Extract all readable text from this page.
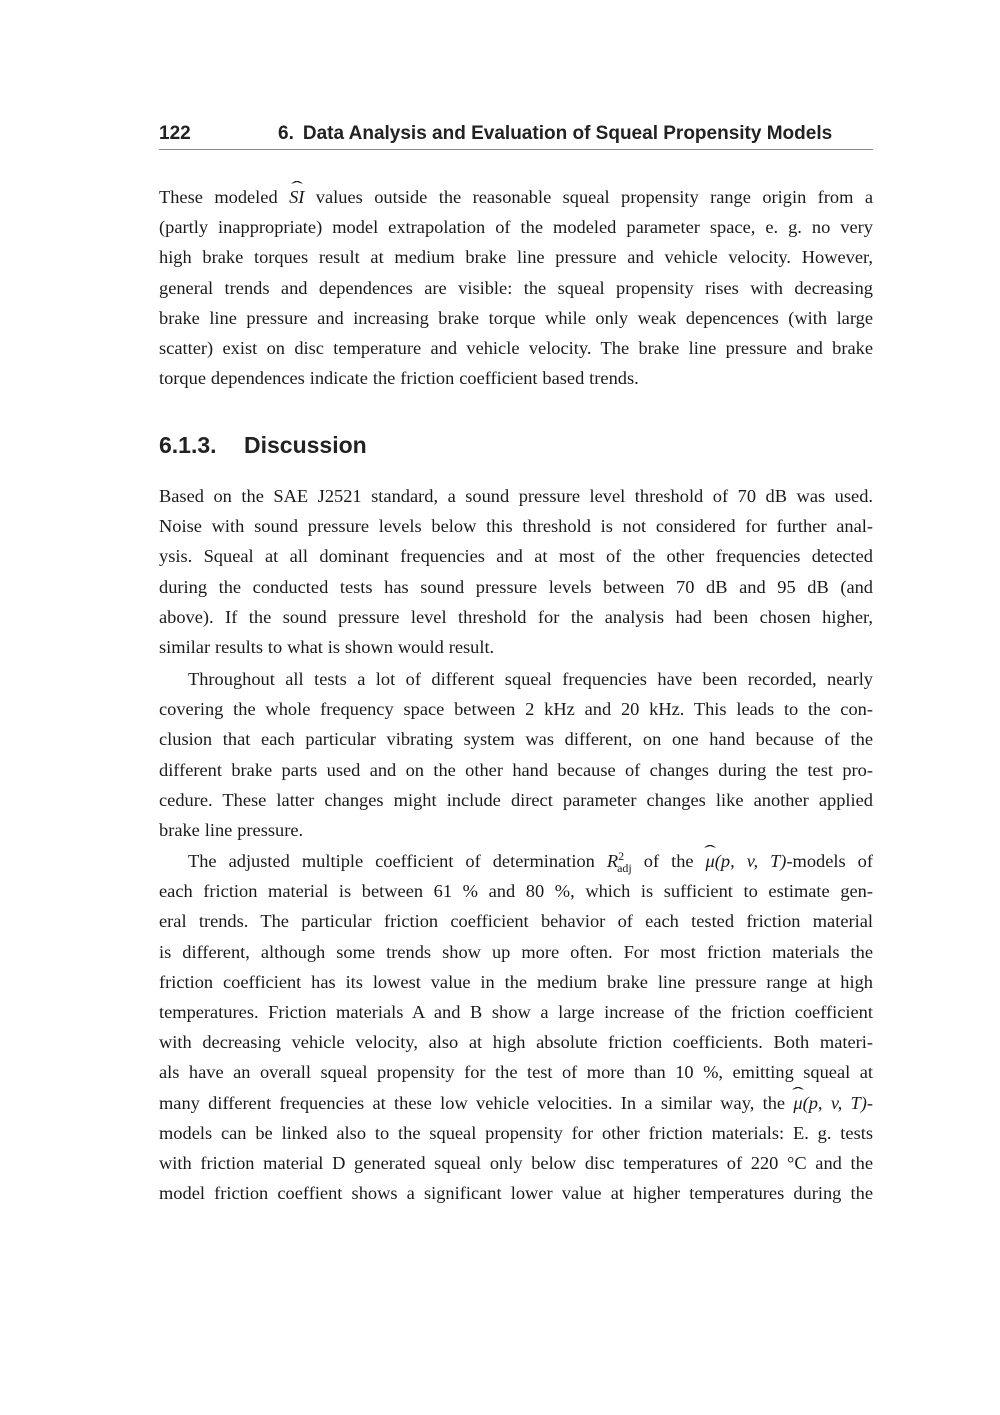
122	6. Data Analysis and Evaluation of Squeal Propensity Models
These modeled ˆ SI values outside the reasonable squeal propensity range origin from a
(partly inappropriate) model extrapolation of the modeled parameter space, e. g. no very
high brake torques result at medium brake line pressure and vehicle velocity. However,
general trends and dependences are visible: the squeal propensity rises with decreasing
brake line pressure and increasing brake torque while only weak depencences (with large
scatter) exist on disc temperature and vehicle velocity. The brake line pressure and brake
torque dependences indicate the friction coefficient based trends.
6.1.3. Discussion
Based on the SAE J2521 standard, a sound pressure level threshold of 70 dB was used.
Noise with sound pressure levels below this threshold is not considered for further anal-
ysis. Squeal at all dominant frequencies and at most of the other frequencies detected
during the conducted tests has sound pressure levels between 70 dB and 95 dB (and
above). If the sound pressure level threshold for the analysis had been chosen higher,
similar results to what is shown would result.
Throughout all tests a lot of different squeal frequencies have been recorded, nearly
covering the whole frequency space between 2 kHz and 20 kHz. This leads to the con-
clusion that each particular vibrating system was different, on one hand because of the
different brake parts used and on the other hand because of changes during the test pro-
cedure. These latter changes might include direct parameter changes like another applied
brake line pressure.
The adjusted multiple coefficient of determination $R^2_{adj}$ of the ˆ μ(p, v, T)-models of
each friction material is between 61 % and 80 %, which is sufficient to estimate gen-
eral trends. The particular friction coefficient behavior of each tested friction material
is different, although some trends show up more often. For most friction materials the
friction coefficient has its lowest value in the medium brake line pressure range at high
temperatures. Friction materials A and B show a large increase of the friction coefficient
with decreasing vehicle velocity, also at high absolute friction coefficients. Both materi-
als have an overall squeal propensity for the test of more than 10 %, emitting squeal at
many different frequencies at these low vehicle velocities. In a similar way, the ˆ μ(p, v, T)-
models can be linked also to the squeal propensity for other friction materials: E. g. tests
with friction material D generated squeal only below disc temperatures of 220 °C and the
model friction coeffient shows a significant lower value at higher temperatures during the
